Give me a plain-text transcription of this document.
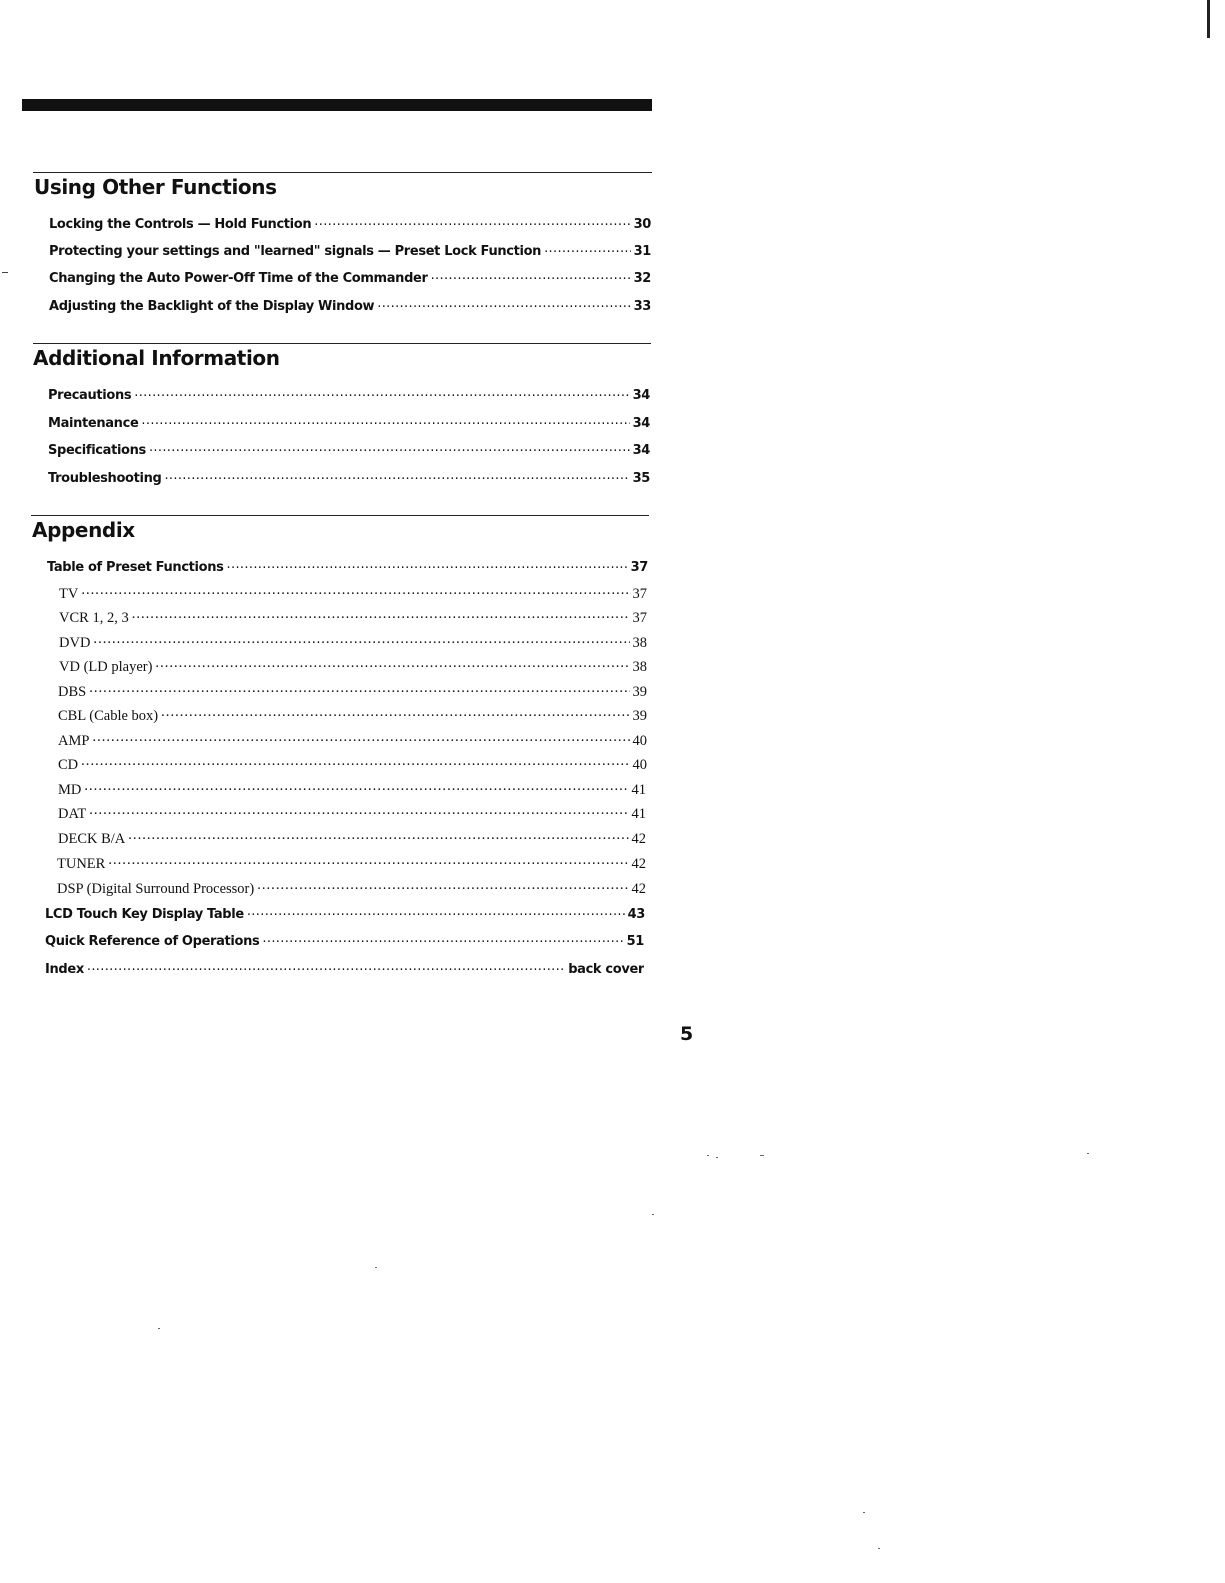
Using Other Functions
Locking the Controls — Hold Function . . .	30
Protecting your settings and "learned" signals — Preset Lock Function . . .	31
Changing the Auto Power-Off Time of the Commander . . .	32
Adjusting the Backlight of the Display Window . . .	33
Additional Information
Precautions . . .	34
Maintenance . . .	34
Specifications . . .	34
Troubleshooting . . .	35
Appendix
Table of Preset Functions . . .	37
TV . . .	37
VCR 1, 2, 3 . . .	37
DVD . . .	38
VD (LD player) . . .	38
DBS . . .	39
CBL (Cable box) . . .	39
AMP . . .	40
CD . . .	40
MD . . .	41
DAT . . .	41
DECK B/A . . .	42
TUNER . . .	42
DSP (Digital Surround Processor) . . .	42
LCD Touch Key Display Table . . .	43
Quick Reference of Operations . . .	51
Index . . .	back cover
5
